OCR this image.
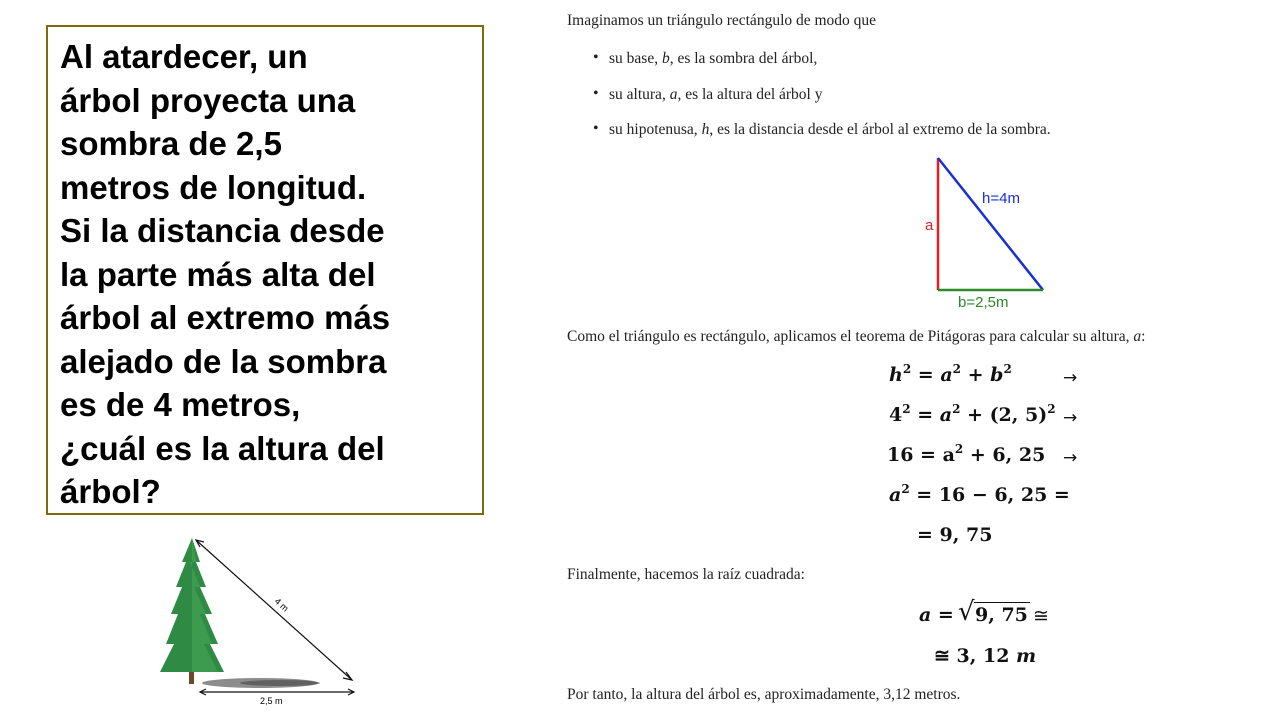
Al atardecer, un
árbol proyecta una
sombra de 2,5
metros de longitud.
Si la distancia desde
la parte más alta del
árbol al extremo más
alejado de la sombra
es de 4 metros,
¿cuál es la altura del
árbol?
4 m
2,5 m
Imaginamos un triángulo rectángulo de modo que
su base, b, es la sombra del árbol,
su altura, a, es la altura del árbol y
su hipotenusa, h, es la distancia desde el árbol al extremo de la sombra.
a
h=4m
b=2,5m
Como el triángulo es rectángulo, aplicamos el teorema de Pitágoras para calcular su altura, a:
$h^2 = a^2 + b^2$	→
$4^2 = a^2 + (2$, 5)$^2$ →
$16 = a^2 + 6$, 25 →
$a^2 = 16 - 6$, 25 =
= 9, 75
Finalmente, hacemos la raíz cuadrada:
a = √ 9, 75 ≅
≅ 3, 12 m
Por tanto, la altura del árbol es, aproximadamente, 3,12 metros.
